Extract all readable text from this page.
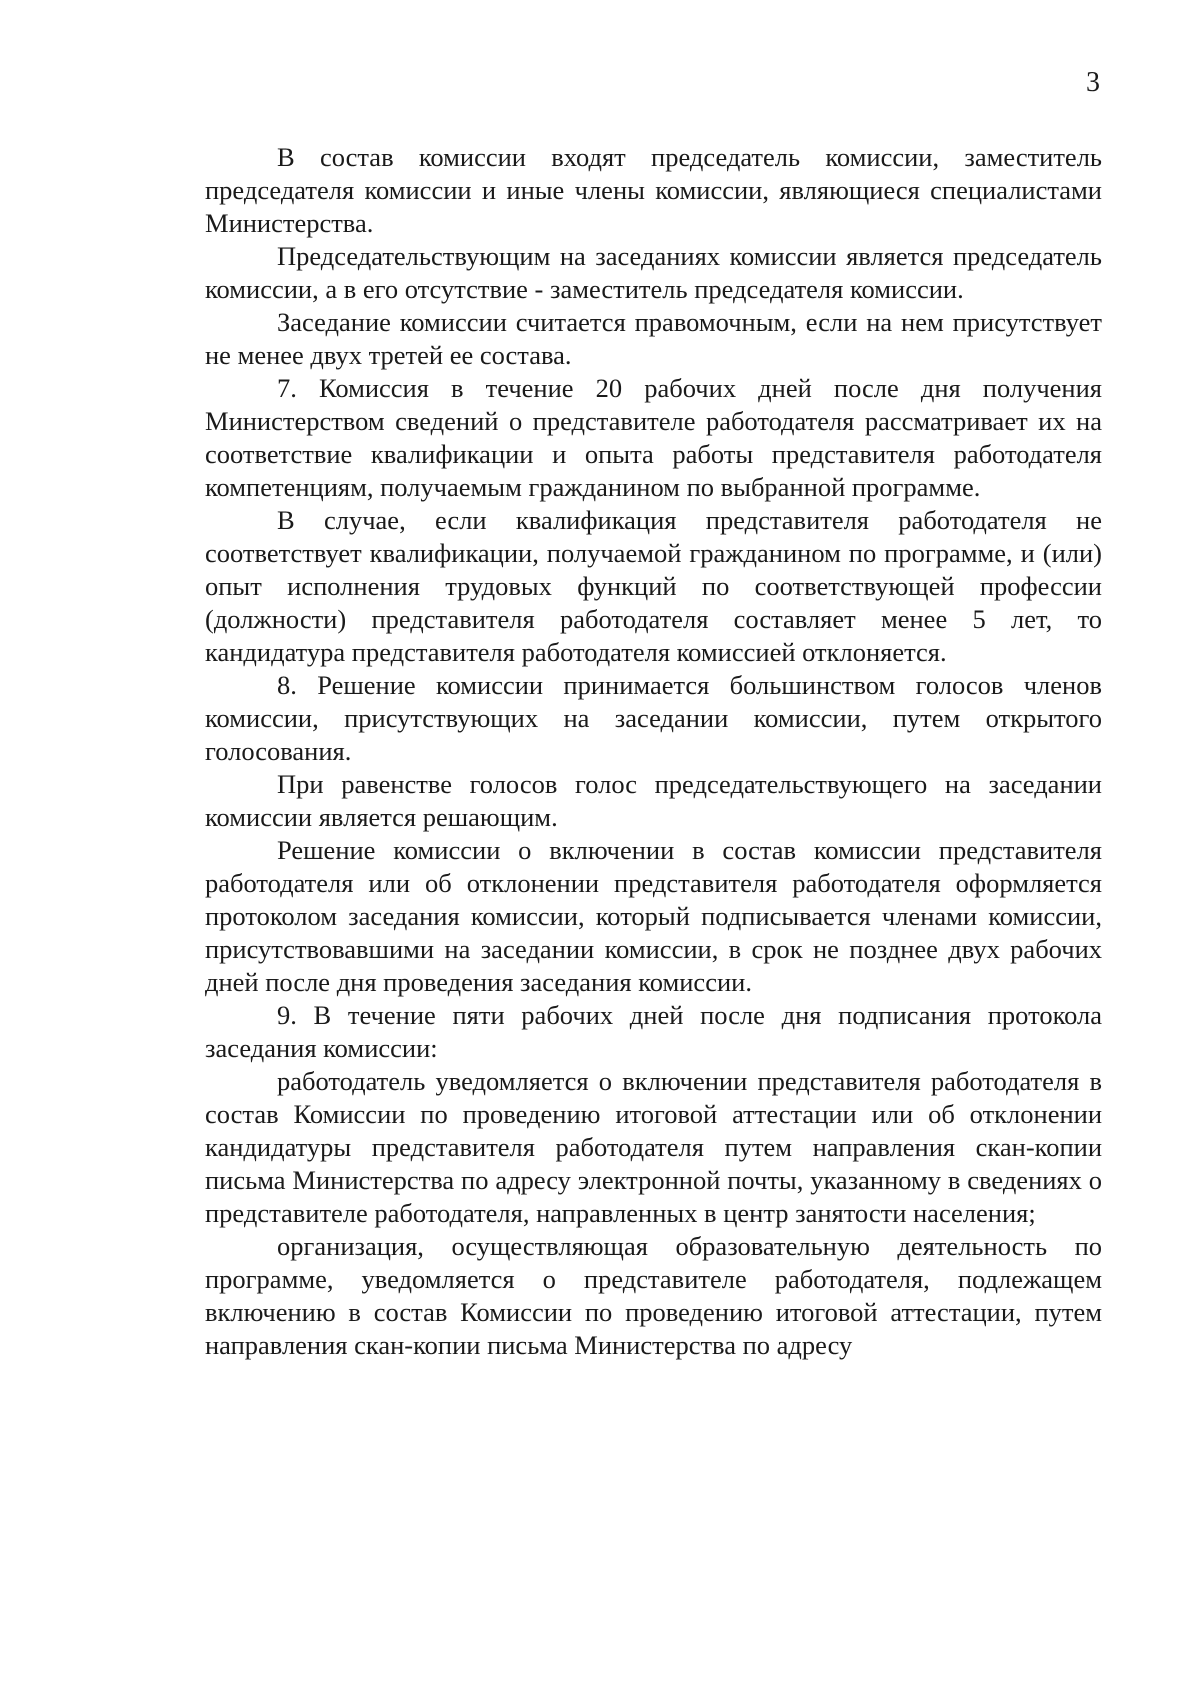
3

В состав комиссии входят председатель комиссии, заместитель председателя комиссии и иные члены комиссии, являющиеся специалистами Министерства.

Председательствующим на заседаниях комиссии является председатель комиссии, а в его отсутствие - заместитель председателя комиссии.

Заседание комиссии считается правомочным, если на нем присутствует не менее двух третей ее состава.

7. Комиссия в течение 20 рабочих дней после дня получения Министерством сведений о представителе работодателя рассматривает их на соответствие квалификации и опыта работы представителя работодателя компетенциям, получаемым гражданином по выбранной программе.

В случае, если квалификация представителя работодателя не соответствует квалификации, получаемой гражданином по программе, и (или) опыт исполнения трудовых функций по соответствующей профессии (должности) представителя работодателя составляет менее 5 лет, то кандидатура представителя работодателя комиссией отклоняется.

8. Решение комиссии принимается большинством голосов членов комиссии, присутствующих на заседании комиссии, путем открытого голосования.

При равенстве голосов голос председательствующего на заседании комиссии является решающим.

Решение комиссии о включении в состав комиссии представителя работодателя или об отклонении представителя работодателя оформляется протоколом заседания комиссии, который подписывается членами комиссии, присутствовавшими на заседании комиссии, в срок не позднее двух рабочих дней после дня проведения заседания комиссии.

9. В течение пяти рабочих дней после дня подписания протокола заседания комиссии:

работодатель уведомляется о включении представителя работодателя в состав Комиссии по проведению итоговой аттестации или об отклонении кандидатуры представителя работодателя путем направления скан-копии письма Министерства по адресу электронной почты, указанному в сведениях о представителе работодателя, направленных в центр занятости населения;

организация, осуществляющая образовательную деятельность по программе, уведомляется о представителе работодателя, подлежащем включению в состав Комиссии по проведению итоговой аттестации, путем направления скан-копии письма Министерства по адресу
